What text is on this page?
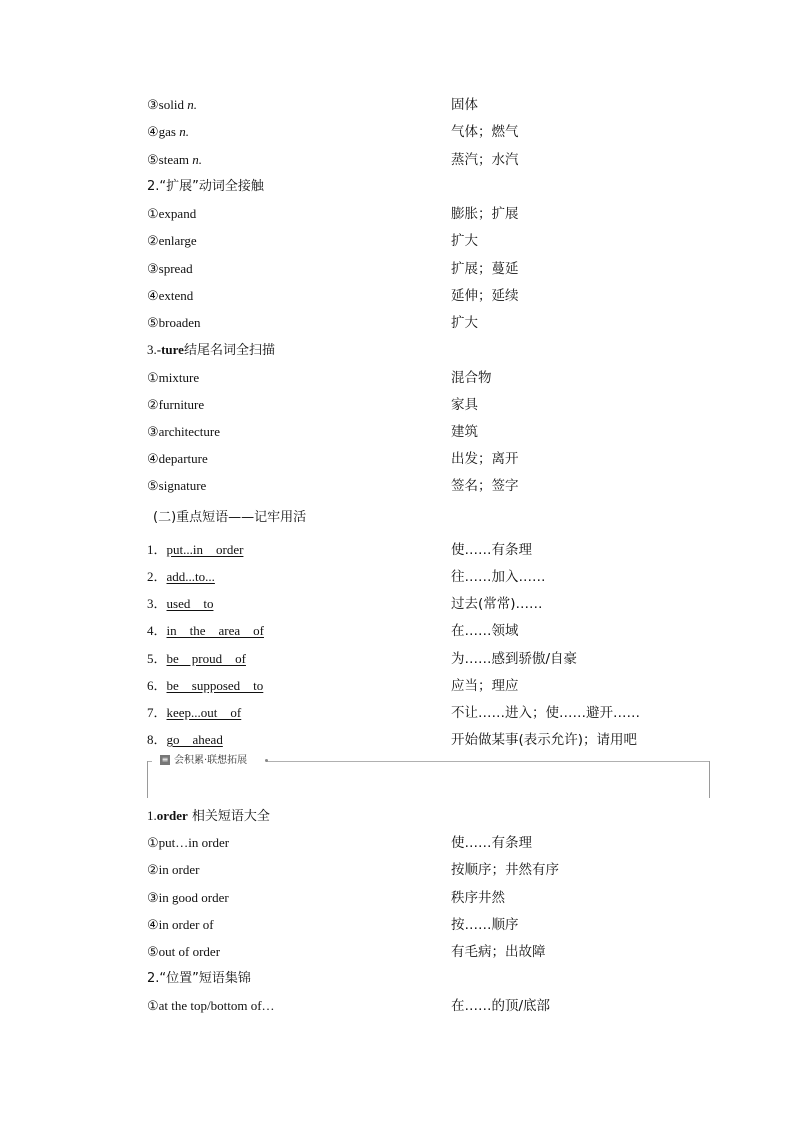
③solid n.	固体
④gas n.	气体；燃气
⑤steam n.	蒸汽；水汽
2.“扩展”动词全接触
①expand	膨胀；扩展
②enlarge	扩大
③spread	扩展；蔓延
④extend	延伸；延续
⑤broaden	扩大
3.-ture结尾名词全扫描
①mixture	混合物
②furniture	家具
③architecture	建筑
④departure	出发；离开
⑤signature	签名；签字
(二)重点短语——记牢用活
1．put...in　order	使……有条理
2．add...to...	往……加入……
3．used　to	过去(常常)……
4．in　the　area　of	在……领域
5．be　proud　of	为……感到骄傲/自豪
6．be　supposed　to	应当；理应
7．keep...out　of	不让……进入；使……避开……
8．go　ahead	开始做某事(表示允许)；请用吧
≡ 会积累·联想拓展
1.order 相关短语大全
①put…in order	使……有条理
②in order	按顺序；井然有序
③in good order	秩序井然
④in order of	按……顺序
⑤out of order	有毛病；出故障
2.“位置”短语集锦
①at the top/bottom of…	在……的顶/底部
